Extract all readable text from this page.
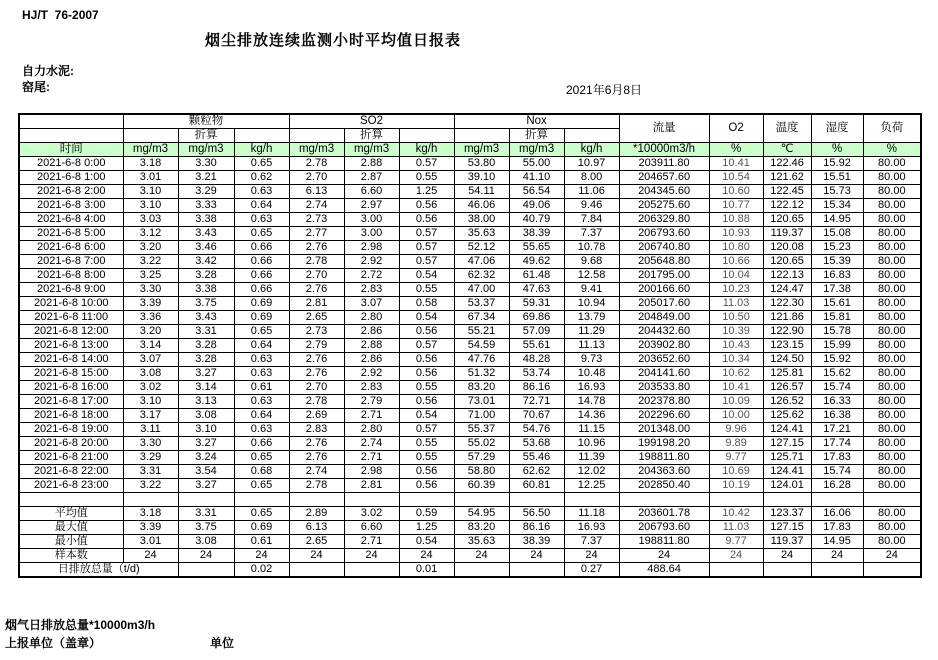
HJ/T  76-2007
烟尘排放连续监测小时平均值日报表
自力水泥:
窑尾:	2021年6月8日
	颗粒物			SO2			Nox			流量	O2	温度	湿度	负荷
		折算			折算			折算						
时间	mg/m3	mg/m3	kg/h	mg/m3	mg/m3	kg/h	mg/m3	mg/m3	kg/h	*10000m3/h	%	℃	%	%
2021-6-8 0:00	3.18	3.30	0.65	2.78	2.88	0.57	53.80	55.00	10.97	203911.80	10.41	122.46	15.92	80.00
2021-6-8 1:00	3.01	3.21	0.62	2.70	2.87	0.55	39.10	41.10	8.00	204657.60	10.54	121.62	15.51	80.00
2021-6-8 2:00	3.10	3.29	0.63	6.13	6.60	1.25	54.11	56.54	11.06	204345.60	10.60	122.45	15.73	80.00
2021-6-8 3:00	3.10	3.33	0.64	2.74	2.97	0.56	46.06	49.06	9.46	205275.60	10.77	122.12	15.34	80.00
2021-6-8 4:00	3.03	3.38	0.63	2.73	3.00	0.56	38.00	40.79	7.84	206329.80	10.88	120.65	14.95	80.00
2021-6-8 5:00	3.12	3.43	0.65	2.77	3.00	0.57	35.63	38.39	7.37	206793.60	10.93	119.37	15.08	80.00
2021-6-8 6:00	3.20	3.46	0.66	2.76	2.98	0.57	52.12	55.65	10.78	206740.80	10.80	120.08	15.23	80.00
2021-6-8 7:00	3.22	3.42	0.66	2.78	2.92	0.57	47.06	49.62	9.68	205648.80	10.66	120.65	15.39	80.00
2021-6-8 8:00	3.25	3.28	0.66	2.70	2.72	0.54	62.32	61.48	12.58	201795.00	10.04	122.13	16.83	80.00
2021-6-8 9:00	3.30	3.38	0.66	2.76	2.83	0.55	47.00	47.63	9.41	200166.60	10.23	124.47	17.38	80.00
2021-6-8 10:00	3.39	3.75	0.69	2.81	3.07	0.58	53.37	59.31	10.94	205017.60	11.03	122.30	15.61	80.00
2021-6-8 11:00	3.36	3.43	0.69	2.65	2.80	0.54	67.34	69.86	13.79	204849.00	10.50	121.86	15.81	80.00
2021-6-8 12:00	3.20	3.31	0.65	2.73	2.86	0.56	55.21	57.09	11.29	204432.60	10.39	122.90	15.78	80.00
2021-6-8 13:00	3.14	3.28	0.64	2.79	2.88	0.57	54.59	55.61	11.13	203902.80	10.43	123.15	15.99	80.00
2021-6-8 14:00	3.07	3.28	0.63	2.76	2.86	0.56	47.76	48.28	9.73	203652.60	10.34	124.50	15.92	80.00
2021-6-8 15:00	3.08	3.27	0.63	2.76	2.92	0.56	51.32	53.74	10.48	204141.60	10.62	125.81	15.62	80.00
2021-6-8 16:00	3.02	3.14	0.61	2.70	2.83	0.55	83.20	86.16	16.93	203533.80	10.41	126.57	15.74	80.00
2021-6-8 17:00	3.10	3.13	0.63	2.78	2.79	0.56	73.01	72.71	14.78	202378.80	10.09	126.52	16.33	80.00
2021-6-8 18:00	3.17	3.08	0.64	2.69	2.71	0.54	71.00	70.67	14.36	202296.60	10.00	125.62	16.38	80.00
2021-6-8 19:00	3.11	3.10	0.63	2.83	2.80	0.57	55.37	54.76	11.15	201348.00	9.96	124.41	17.21	80.00
2021-6-8 20:00	3.30	3.27	0.66	2.76	2.74	0.55	55.02	53.68	10.96	199198.20	9.89	127.15	17.74	80.00
2021-6-8 21:00	3.29	3.24	0.65	2.76	2.71	0.55	57.29	55.46	11.39	198811.80	9.77	125.71	17.83	80.00
2021-6-8 22:00	3.31	3.54	0.68	2.74	2.98	0.56	58.80	62.62	12.02	204363.60	10.69	124.41	15.74	80.00
2021-6-8 23:00	3.22	3.27	0.65	2.78	2.81	0.56	60.39	60.81	12.25	202850.40	10.19	124.01	16.28	80.00

平均值	3.18	3.31	0.65	2.89	3.02	0.59	54.95	56.50	11.18	203601.78	10.42	123.37	16.06	80.00
最大值	3.39	3.75	0.69	6.13	6.60	1.25	83.20	86.16	16.93	206793.60	11.03	127.15	17.83	80.00
最小值	3.01	3.08	0.61	2.65	2.71	0.54	35.63	38.39	7.37	198811.80	9.77	119.37	14.95	80.00
样本数	24	24	24	24	24	24	24	24	24	24	24	24	24	24
日排放总量（t/d)			0.02			0.01			0.27	488.64				
烟气日排放总量*10000m3/h
上报单位（盖章）	单位
